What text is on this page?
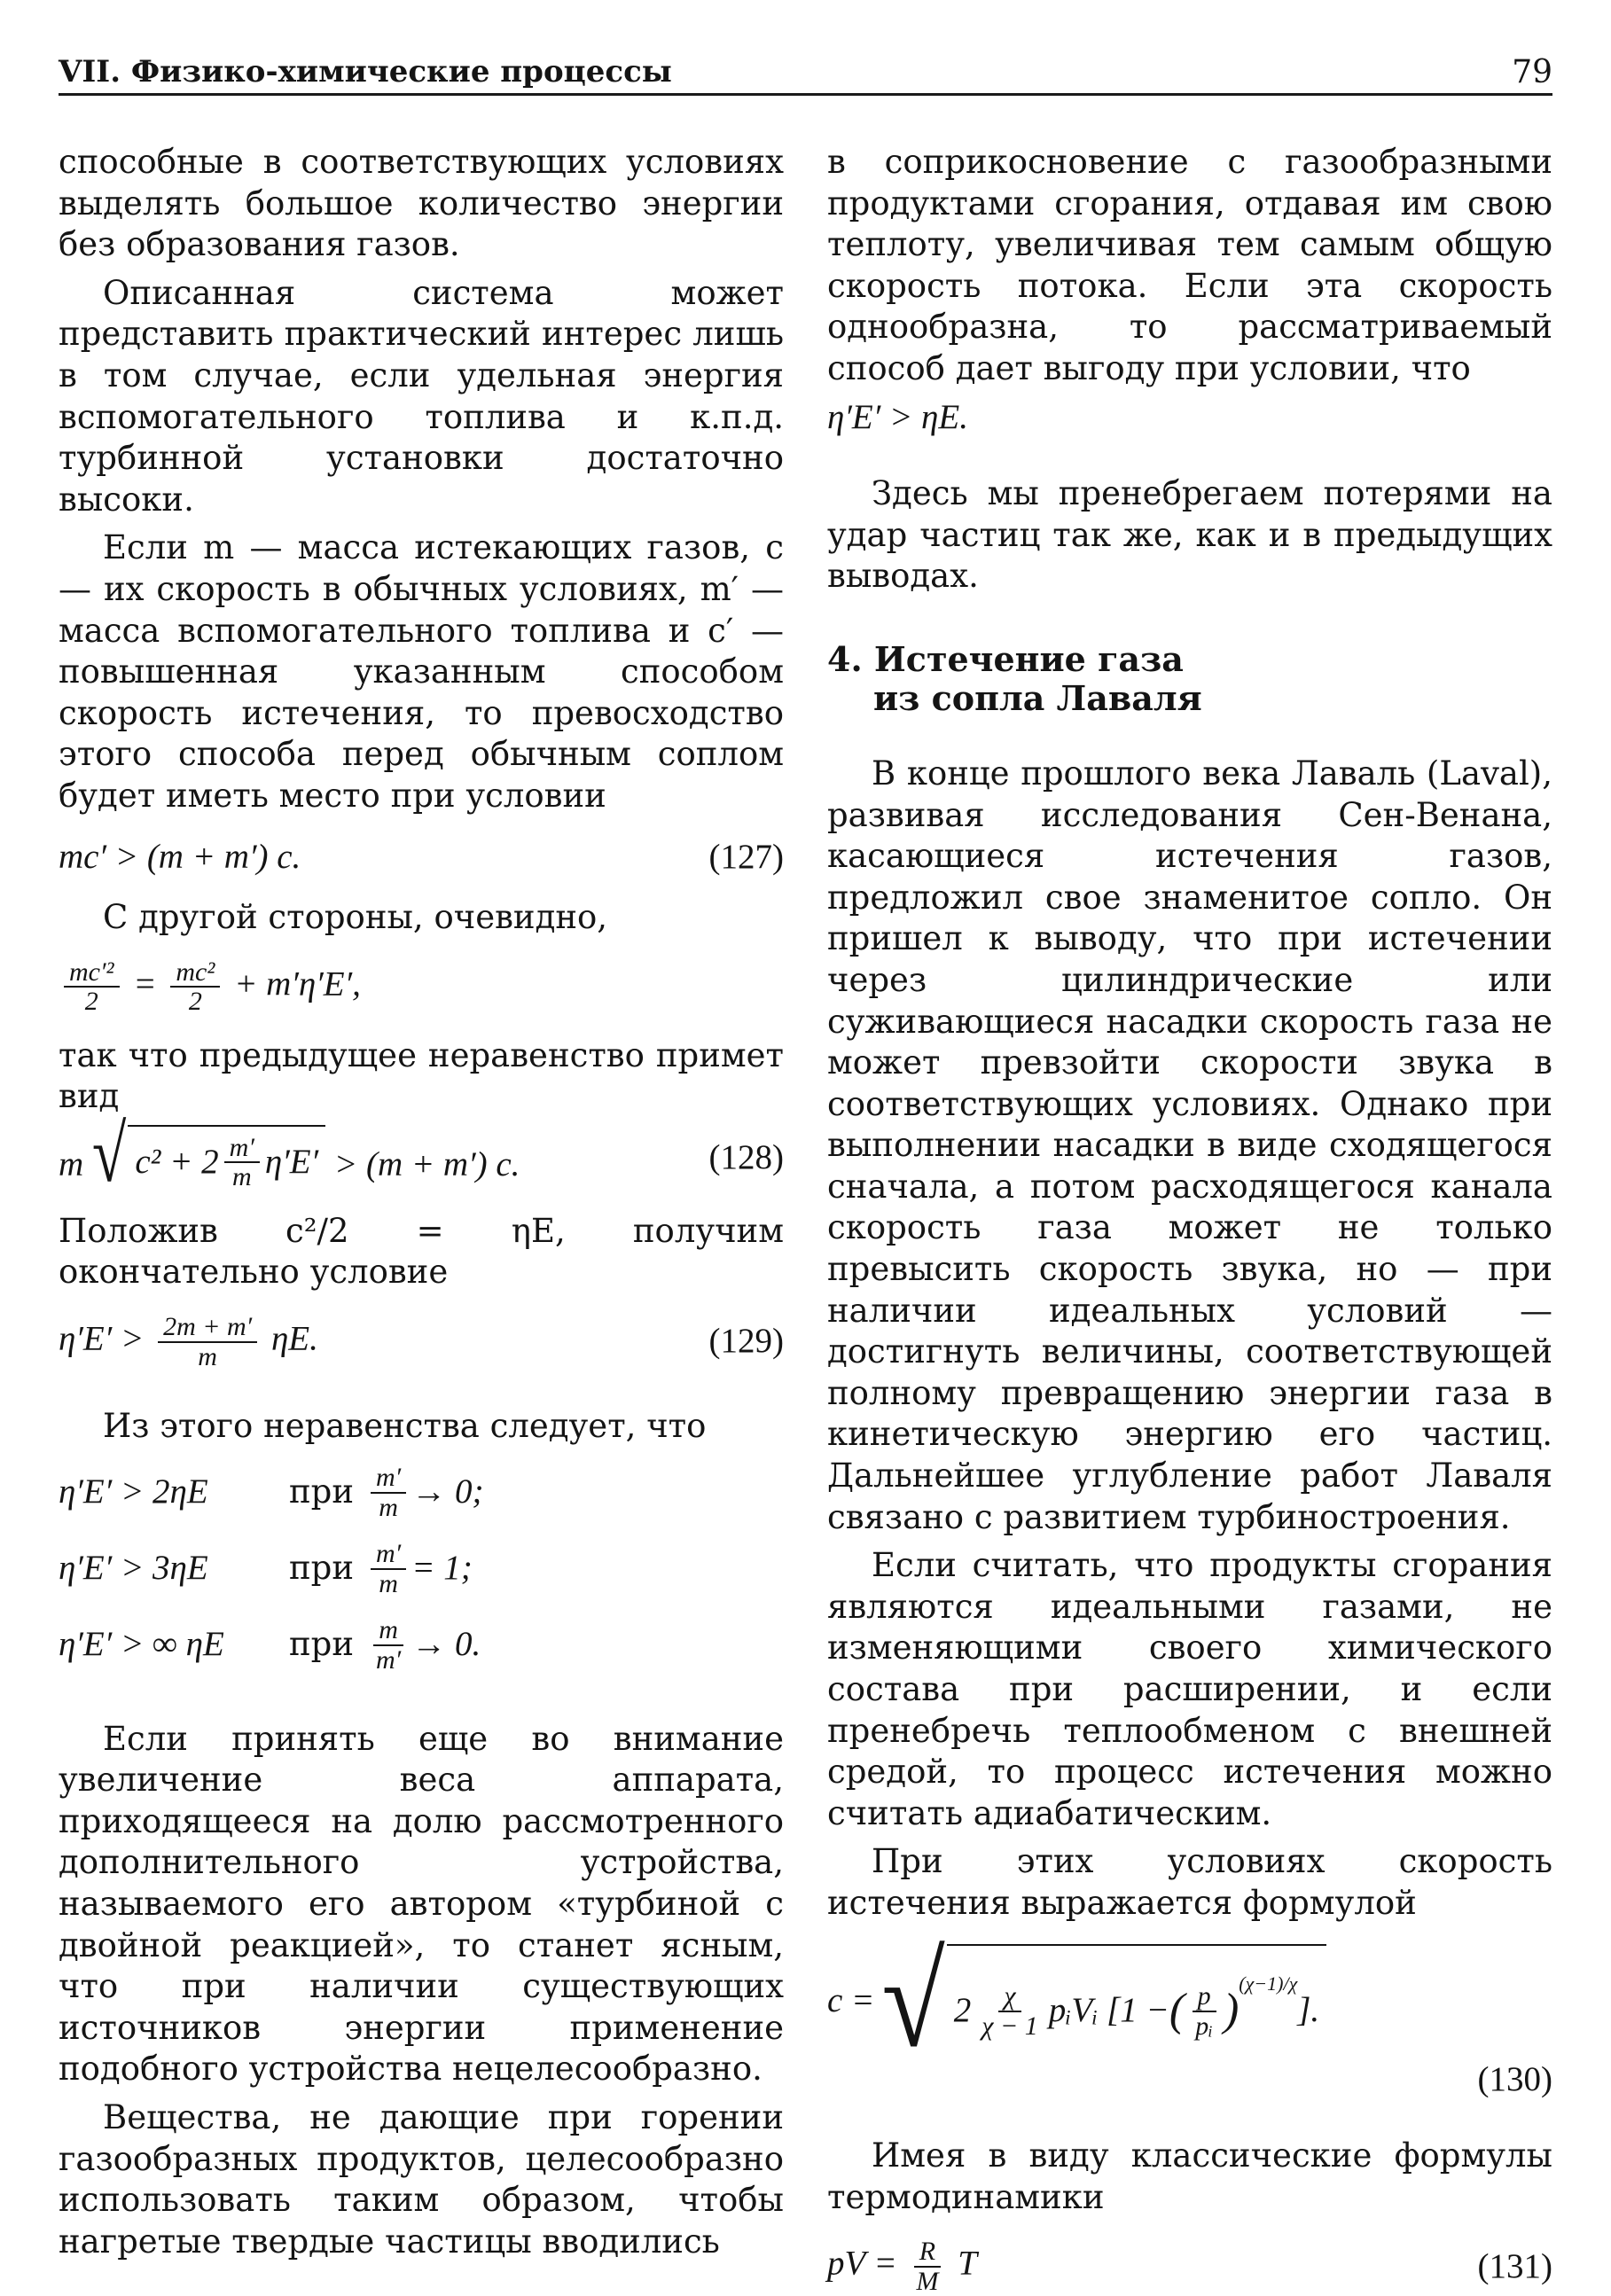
VII. Физико-химические процессы	79

способные в соответствующих условиях выделять большое количество энергии без образования газов.

Описанная система может представить практический интерес лишь в том случае, если удельная энергия вспомогательного топлива и к.п.д. турбинной установки достаточно высоки.

Если m — масса истекающих газов, c — их скорость в обычных условиях, m′ — масса вспомогательного топлива и c′ — повышенная указанным способом скорость истечения, то превосходство этого способа перед обычным соплом будет иметь место при условии

mc′ > (m + m′) c.	(127)

С другой стороны, очевидно,

$\frac{\text{mc′²}}{2} = \frac{\text{mc²}}{2} + m'\eta'E'$,

так что предыдущее неравенство примет вид

m √ $c^2 + 2 \frac{m'}{m} \eta'E' > (m + m')$ c.	(128)

Положив c²/2 = ηE, получим окончательно условие

$\eta'E' > \frac{2m + m'}{m} \eta E$.	(129)

Из этого неравенства следует, что

η′E′ > 2ηE	при $\frac{m'}{m} \to 0$;
η′E′ > 3ηE	при $\frac{m'}{m} = 1$;
η′E′ > ∞ ηE	при $\frac{m}{m'} \to 0$.

Если принять еще во внимание увеличение веса аппарата, приходящееся на долю рассмотренного дополнительного устройства, называемого его автором «турбиной с двойной реакцией», то станет ясным, что при наличии существующих источников энергии применение подобного устройства нецелесообразно.

Вещества, не дающие при горении газообразных продуктов, целесообразно использовать таким образом, чтобы нагретые твердые частицы вводились

в соприкосновение с газообразными продуктами сгорания, отдавая им свою теплоту, увеличивая тем самым общую скорость потока. Если эта скорость однообразна, то рассматриваемый способ дает выгоду при условии, что

η′E′ > ηE.

Здесь мы пренебрегаем потерями на удар частиц так же, как и в предыдущих выводах.

4. Истечение газа
из сопла Лаваля

В конце прошлого века Лаваль (Laval), развивая исследования Сен-Венана, касающиеся истечения газов, предложил свое знаменитое сопло. Он пришел к выводу, что при истечении через цилиндрические или суживающиеся насадки скорость газа не может превзойти скорости звука в соответствующих условиях. Однако при выполнении насадки в виде сходящегося сначала, а потом расходящегося канала скорость газа может не только превысить скорость звука, но — при наличии идеальных условий — достигнуть величины, соответствующей полному превращению энергии газа в кинетическую энергию его частиц. Дальнейшее углубление работ Лаваля связано с развитием турбиностроения.

Если считать, что продукты сгорания являются идеальными газами, не изменяющими своего химического состава при расширении, и если пренебречь теплообменом с внешней средой, то процесс истечения можно считать адиабатическим.

При этих условиях скорость истечения выражается формулой

c = √ $2 \frac{\chi}{\chi - 1}$ pᵢVᵢ [1 − ( $\frac{p}{\text{pᵢ}}$ )
(χ−1)/χ
].
(130)

Имея в виду классические формулы термодинамики

pV = $\frac{R}{M}$ T	(131)
